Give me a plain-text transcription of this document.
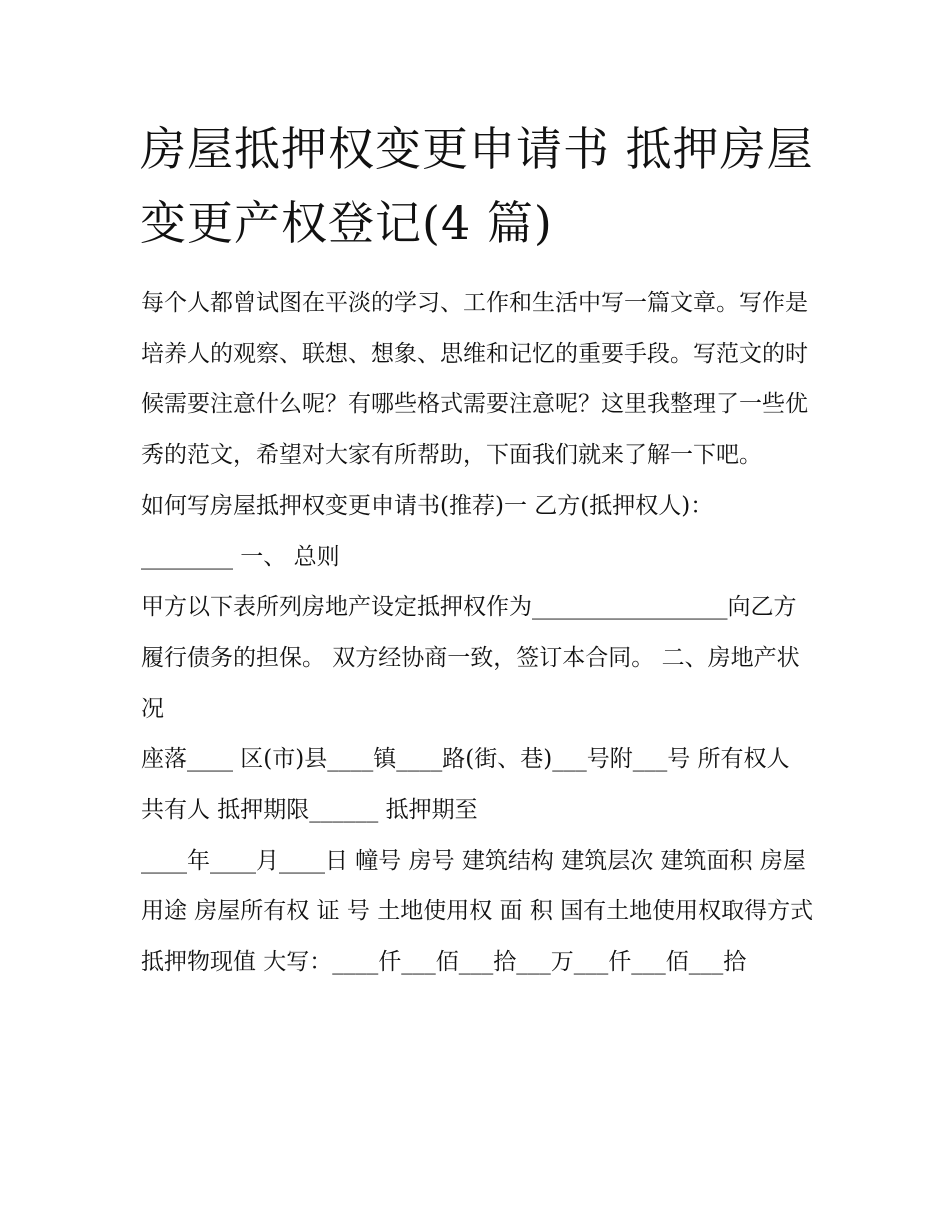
房屋抵押权变更申请书 抵押房屋变更产权登记(4 篇)

每个人都曾试图在平淡的学习、工作和生活中写一篇文章。写作是培养人的观察、联想、想象、思维和记忆的重要手段。写范文的时候需要注意什么呢？有哪些格式需要注意呢？这里我整理了一些优秀的范文，希望对大家有所帮助，下面我们就来了解一下吧。

如何写房屋抵押权变更申请书(推荐)一 乙方(抵押权人)：

________ 一、 总则

甲方以下表所列房地产设定抵押权作为_________________向乙方履行债务的担保。 双方经协商一致，签订本合同。 二、房地产状况

座落____ 区(市)县____镇____路(街、巷)___号附___号 所有权人 共有人 抵押期限______ 抵押期至

____年____月____日 幢号 房号 建筑结构 建筑层次 建筑面积 房屋用途 房屋所有权 证 号 土地使用权 面 积 国有土地使用权取得方式

抵押物现值 大写：____仟___佰___拾___万___仟___佰___拾
